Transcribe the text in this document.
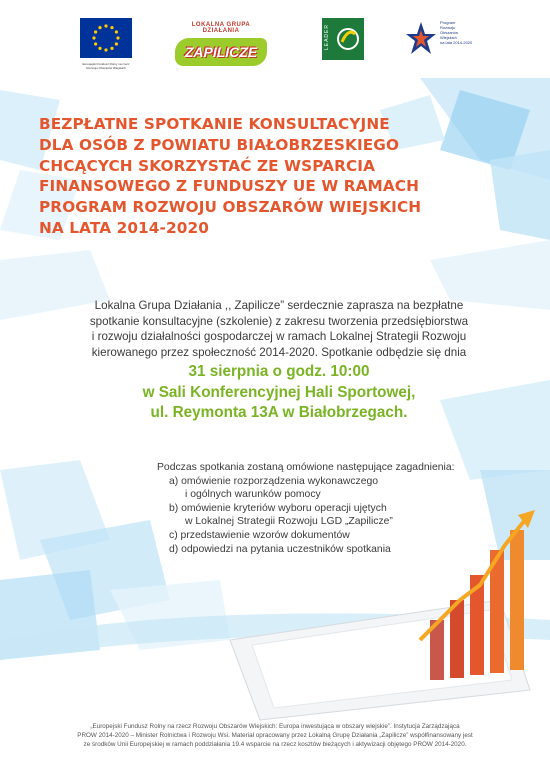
Europejski Fundusz Rolny na rzecz
Rozwoju Obszarów Wiejskich
LOKALNA GRUPA DZIAŁANIA
ZAPILICZE
LEADER
Program
Rozwoju
Obszarów
Wiejskich
na lata 2014-2020
BEZPŁATNE SPOTKANIE KONSULTACYJNE
DLA OSÓB Z POWIATU BIAŁOBRZESKIEGO
CHCĄCYCH SKORZYSTAĆ ZE WSPARCIA
FINANSOWEGO Z FUNDUSZY UE W RAMACH
PROGRAM ROZWOJU OBSZARÓW WIEJSKICH
NA LATA 2014-2020
Lokalna Grupa Działania ,, Zapilicze” serdecznie zaprasza na bezpłatne
spotkanie konsultacyjne (szkolenie) z zakresu tworzenia przedsiębiorstwa
i rozwoju działalności gospodarczej w ramach Lokalnej Strategii Rozwoju
kierowanego przez społeczność 2014-2020. Spotkanie odbędzie się dnia
31 sierpnia o godz. 10:00
w Sali Konferencyjnej Hali Sportowej,
ul. Reymonta 13A w Białobrzegach.
Podczas spotkania zostaną omówione następujące zagadnienia:
a) omówienie rozporządzenia wykonawczego
i ogólnych warunków pomocy
b) omówienie kryteriów wyboru operacji ujętych
w Lokalnej Strategii Rozwoju LGD „Zapilicze”
c) przedstawienie wzorów dokumentów
d) odpowiedzi na pytania uczestników spotkania
„Europejski Fundusz Rolny na rzecz Rozwoju Obszarów Wiejskich: Europa inwestująca w obszary wiejskie”. Instytucja Zarządzająca
PROW 2014-2020 – Minister Rolnictwa i Rozwoju Wsi. Materiał opracowany przez Lokalną Grupę Działania „Zapilicze” współfinansowany jest
ze środków Unii Europejskiej w ramach poddziałania 19.4 wsparcie na rzecz kosztów bieżących i aktywizacji objętego PROW 2014-2020.
